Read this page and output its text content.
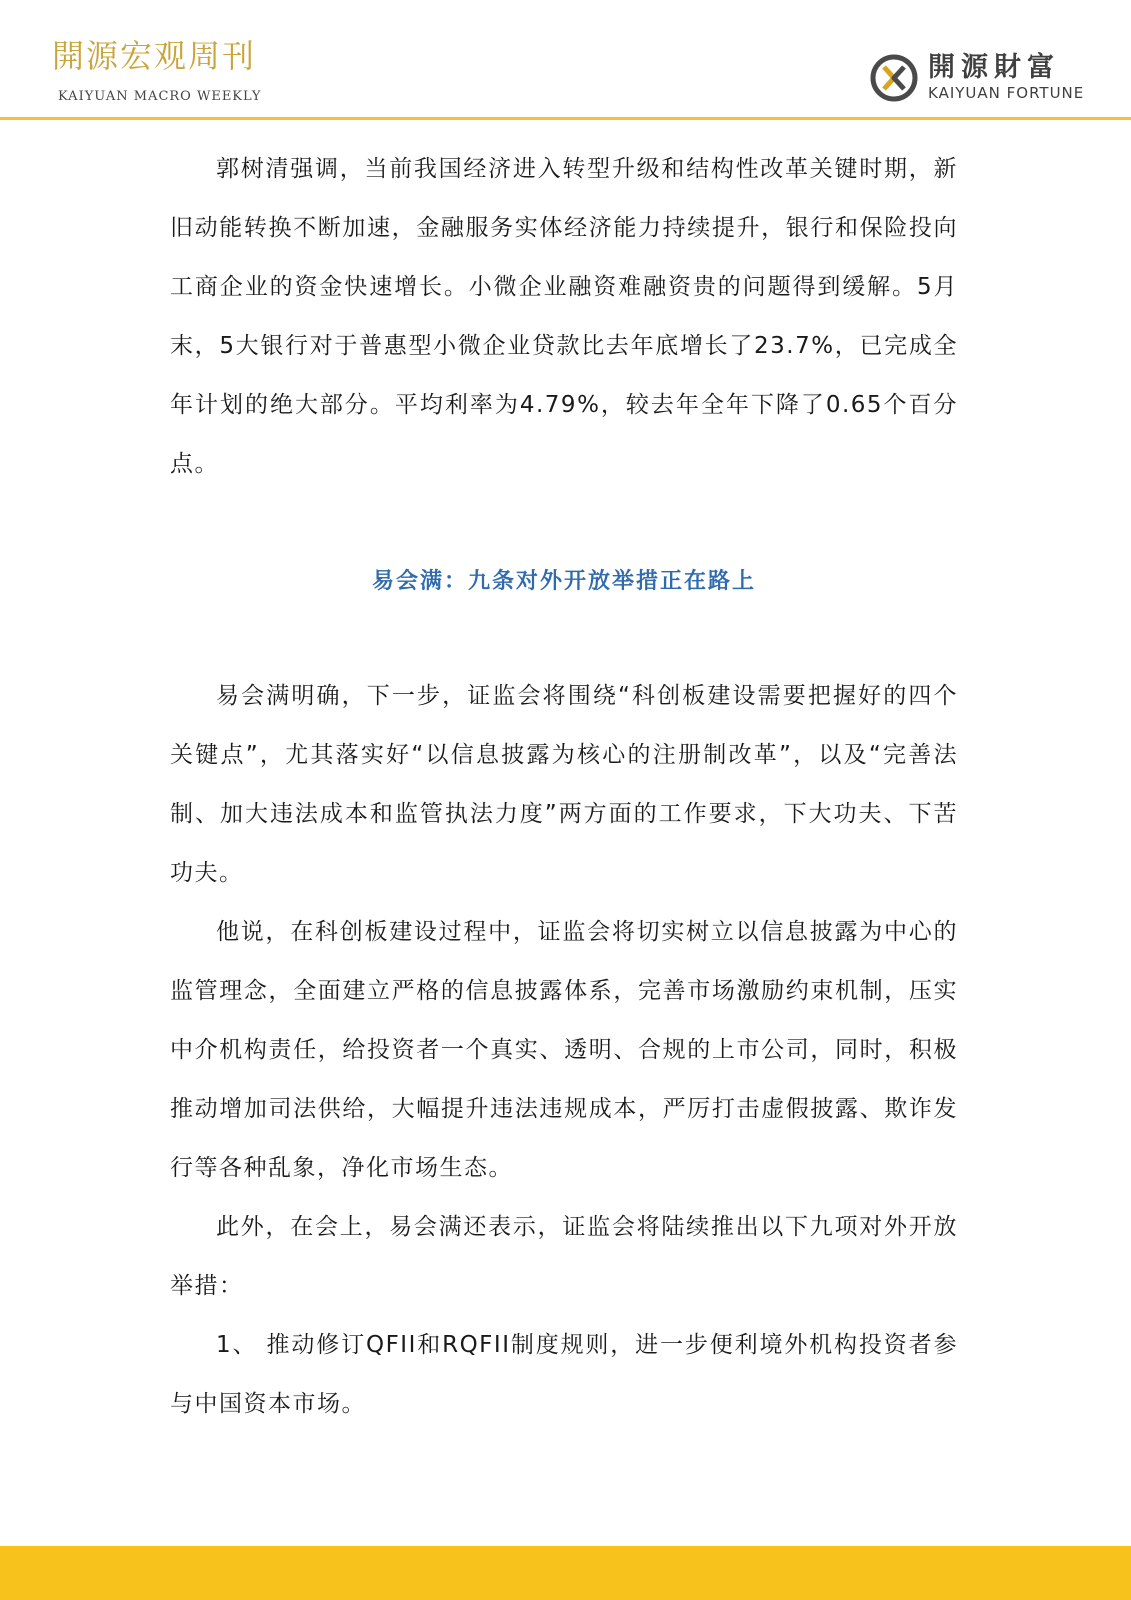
開源宏观周刊
KAIYUAN MACRO WEEKLY
開源財富
KAIYUAN FORTUNE

郭树清强调，当前我国经济进入转型升级和结构性改革关键时期，新旧动能转换不断加速，金融服务实体经济能力持续提升，银行和保险投向工商企业的资金快速增长。小微企业融资难融资贵的问题得到缓解。5月末，5大银行对于普惠型小微企业贷款比去年底增长了23.7%，已完成全年计划的绝大部分。平均利率为4.79%，较去年全年下降了0.65个百分点。

易会满：九条对外开放举措正在路上

易会满明确，下一步，证监会将围绕“科创板建设需要把握好的四个关键点”，尤其落实好“以信息披露为核心的注册制改革”，以及“完善法制、加大违法成本和监管执法力度”两方面的工作要求，下大功夫、下苦功夫。

他说，在科创板建设过程中，证监会将切实树立以信息披露为中心的监管理念，全面建立严格的信息披露体系，完善市场激励约束机制，压实中介机构责任，给投资者一个真实、透明、合规的上市公司，同时，积极推动增加司法供给，大幅提升违法违规成本，严厉打击虚假披露、欺诈发行等各种乱象，净化市场生态。

此外，在会上，易会满还表示，证监会将陆续推出以下九项对外开放举措：

1、 推动修订QFII和RQFII制度规则，进一步便利境外机构投资者参与中国资本市场。
